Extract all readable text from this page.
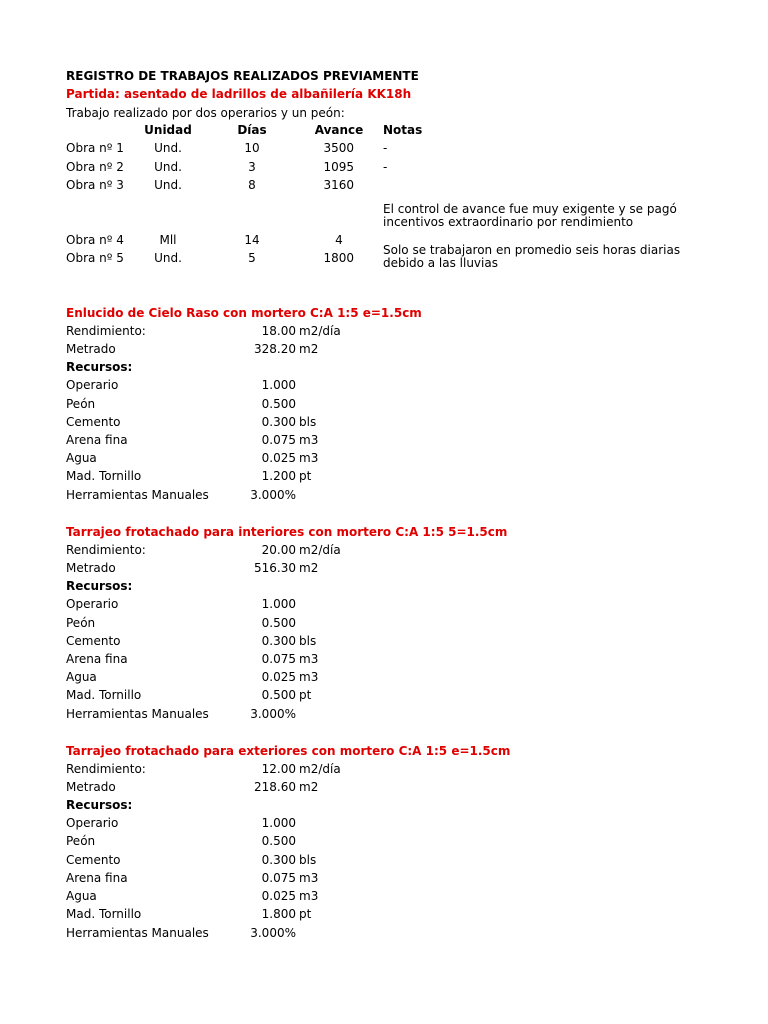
REGISTRO DE TRABAJOS REALIZADOS PREVIAMENTE
Partida: asentado de ladrillos de albañilería KK18h
Trabajo realizado por dos operarios y un peón:
Unidad	Días	Avance	Notas
Obra nº 1	Und.	10	3500 -
Obra nº 2	Und.	3	1095 -
Obra nº 3	Und.	8	3160
El control de avance fue muy exigente y se pagó incentivos extraordinario por rendimiento
Obra nº 4	Mll	14	4
Solo se trabajaron en promedio seis horas diarias debido a las lluvias
Obra nº 5	Und.	5	1800
Enlucido de Cielo Raso con mortero C:A 1:5 e=1.5cm
Rendimiento:	18.00 m2/día
Metrado	328.20 m2
Recursos:
Operario	1.000
Peón	0.500
Cemento	0.300 bls
Arena fina	0.075 m3
Agua	0.025 m3
Mad. Tornillo	1.200 pt
Herramientas Manuales	3.000%
Tarrajeo frotachado para interiores con mortero C:A 1:5 5=1.5cm
Rendimiento:	20.00 m2/día
Metrado	516.30 m2
Recursos:
Operario	1.000
Peón	0.500
Cemento	0.300 bls
Arena fina	0.075 m3
Agua	0.025 m3
Mad. Tornillo	0.500 pt
Herramientas Manuales	3.000%
Tarrajeo frotachado para exteriores con mortero C:A 1:5 e=1.5cm
Rendimiento:	12.00 m2/día
Metrado	218.60 m2
Recursos:
Operario	1.000
Peón	0.500
Cemento	0.300 bls
Arena fina	0.075 m3
Agua	0.025 m3
Mad. Tornillo	1.800 pt
Herramientas Manuales	3.000%
